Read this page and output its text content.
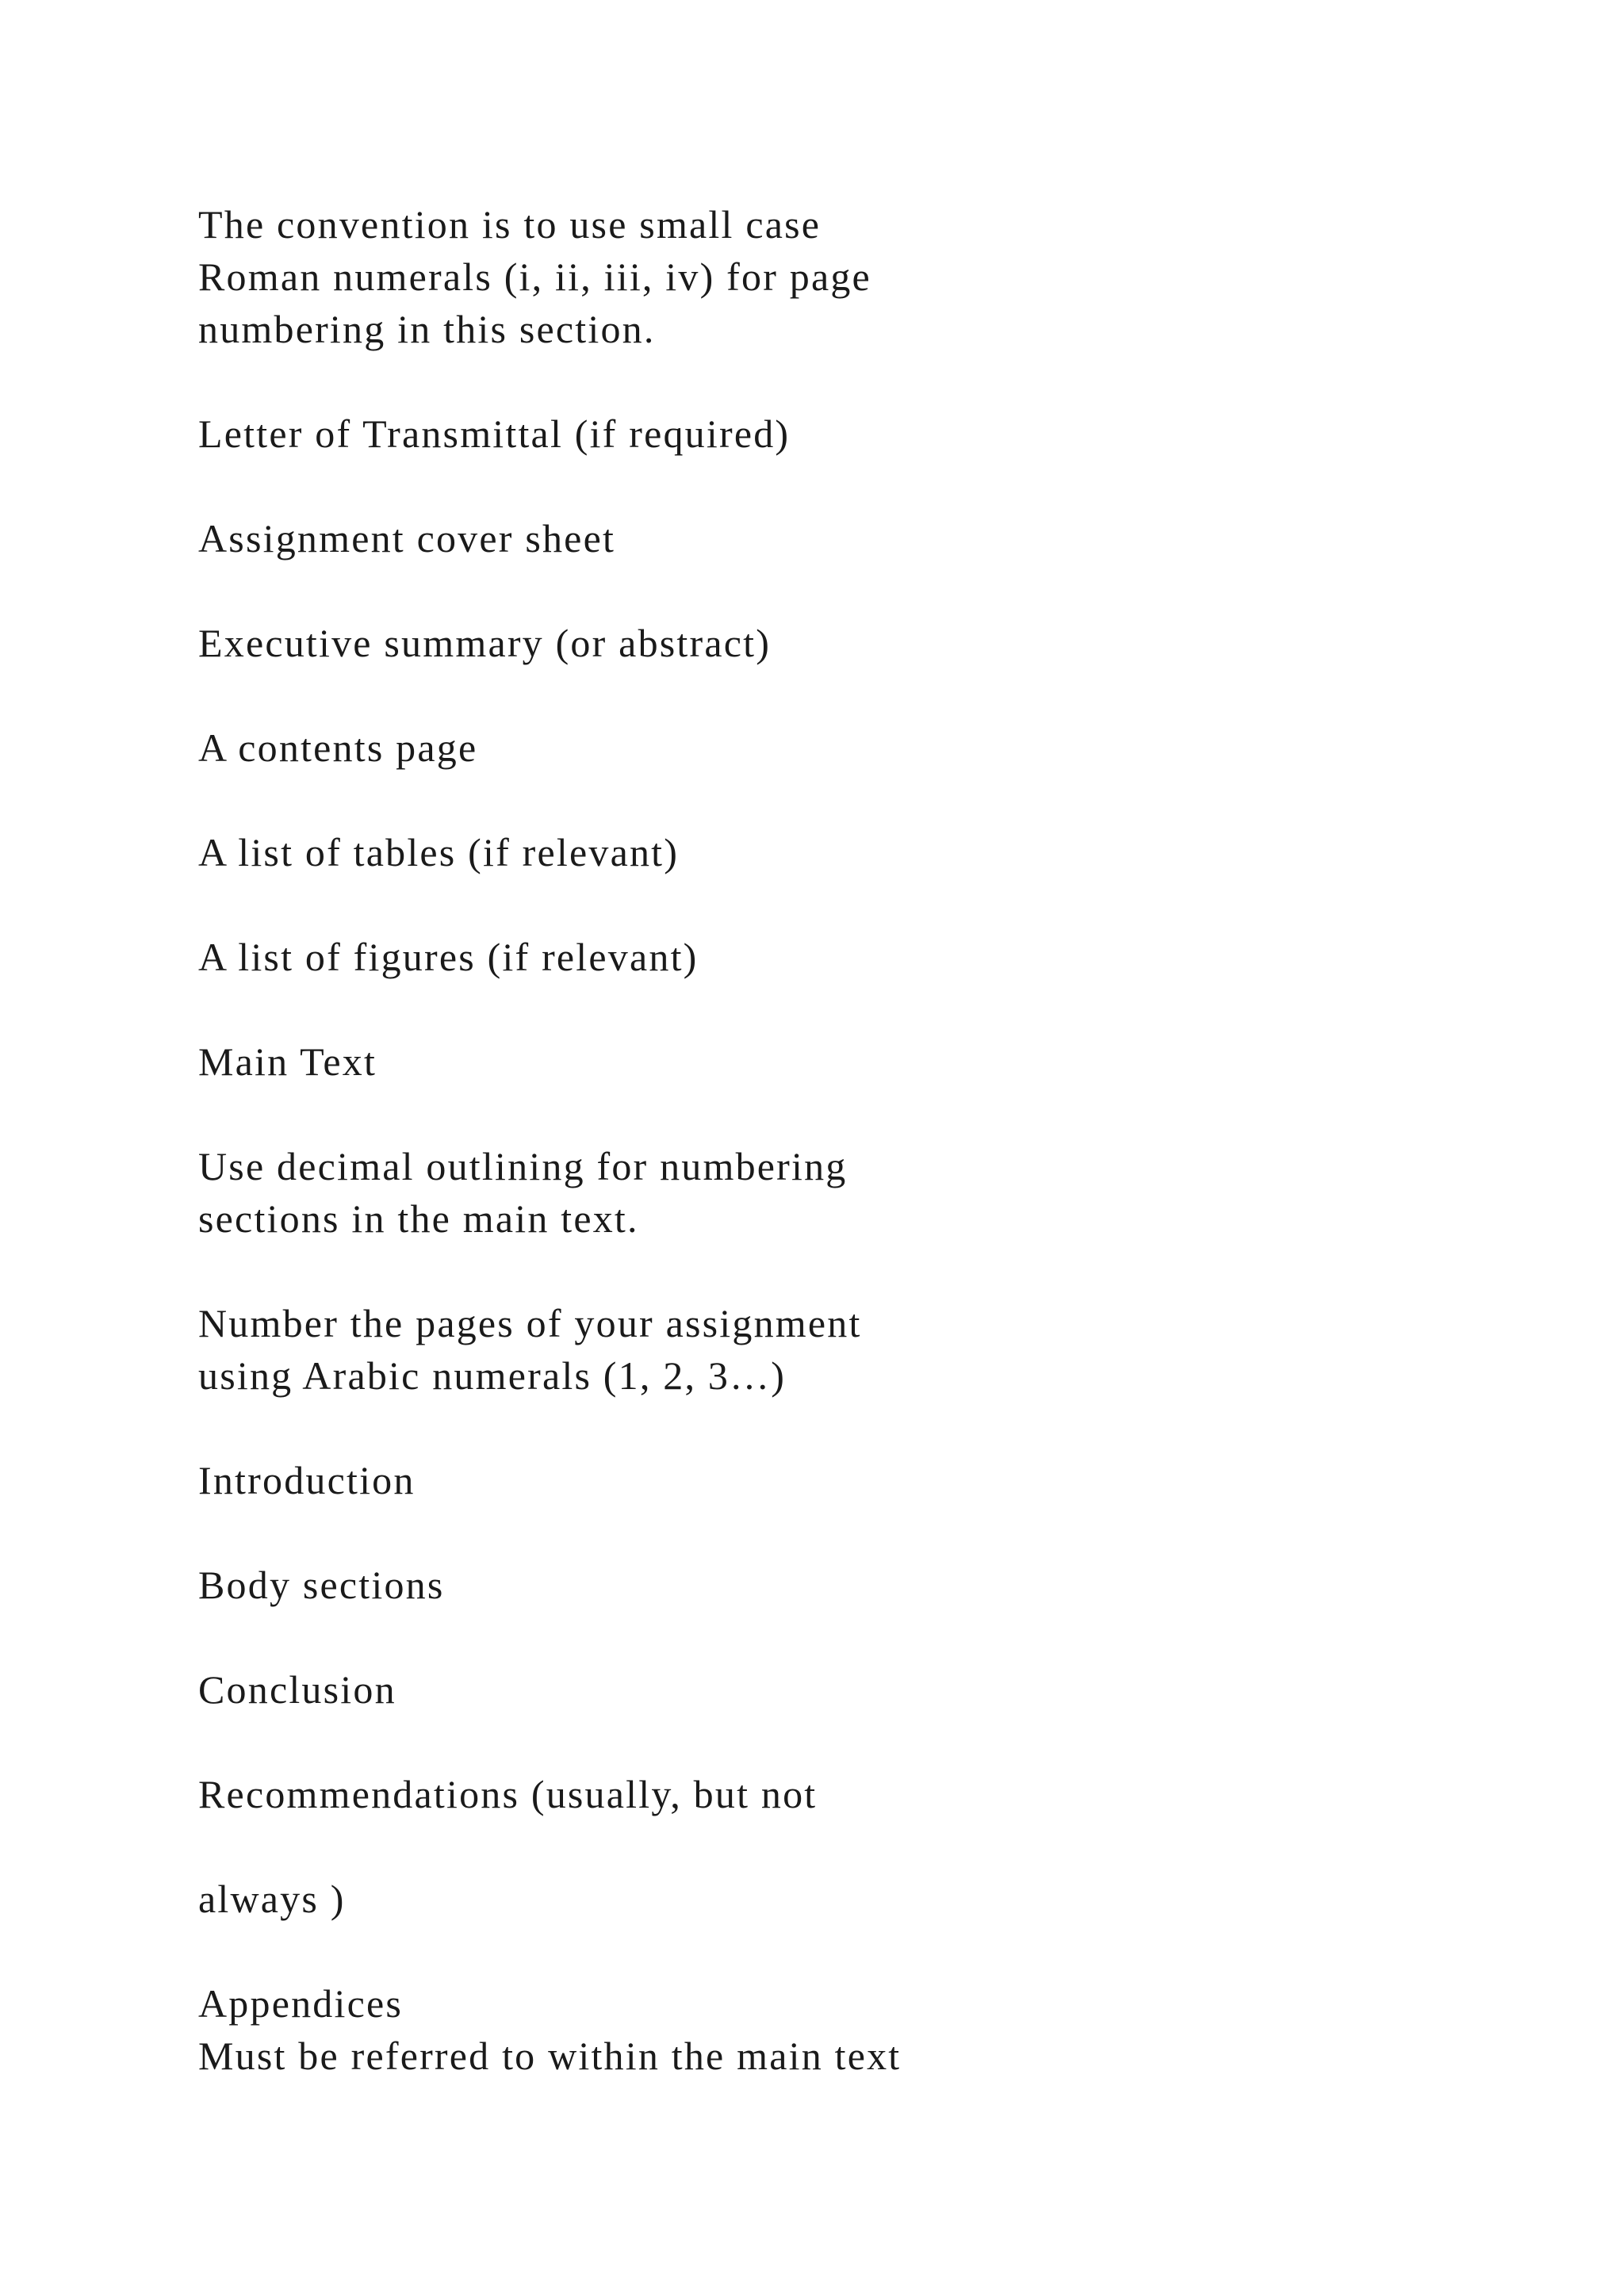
The convention is to use small case
Roman numerals (i, ii, iii, iv) for page
numbering in this section.

Letter of Transmittal (if required)

Assignment cover sheet

Executive summary (or abstract)

A contents page

A list of tables (if relevant)

A list of figures (if relevant)

Main Text

Use decimal outlining for numbering
sections in the main text.

Number the pages of your assignment
using Arabic numerals (1, 2, 3…)

Introduction

Body sections

Conclusion

Recommendations (usually, but not

always )

Appendices
Must be referred to within the main text
